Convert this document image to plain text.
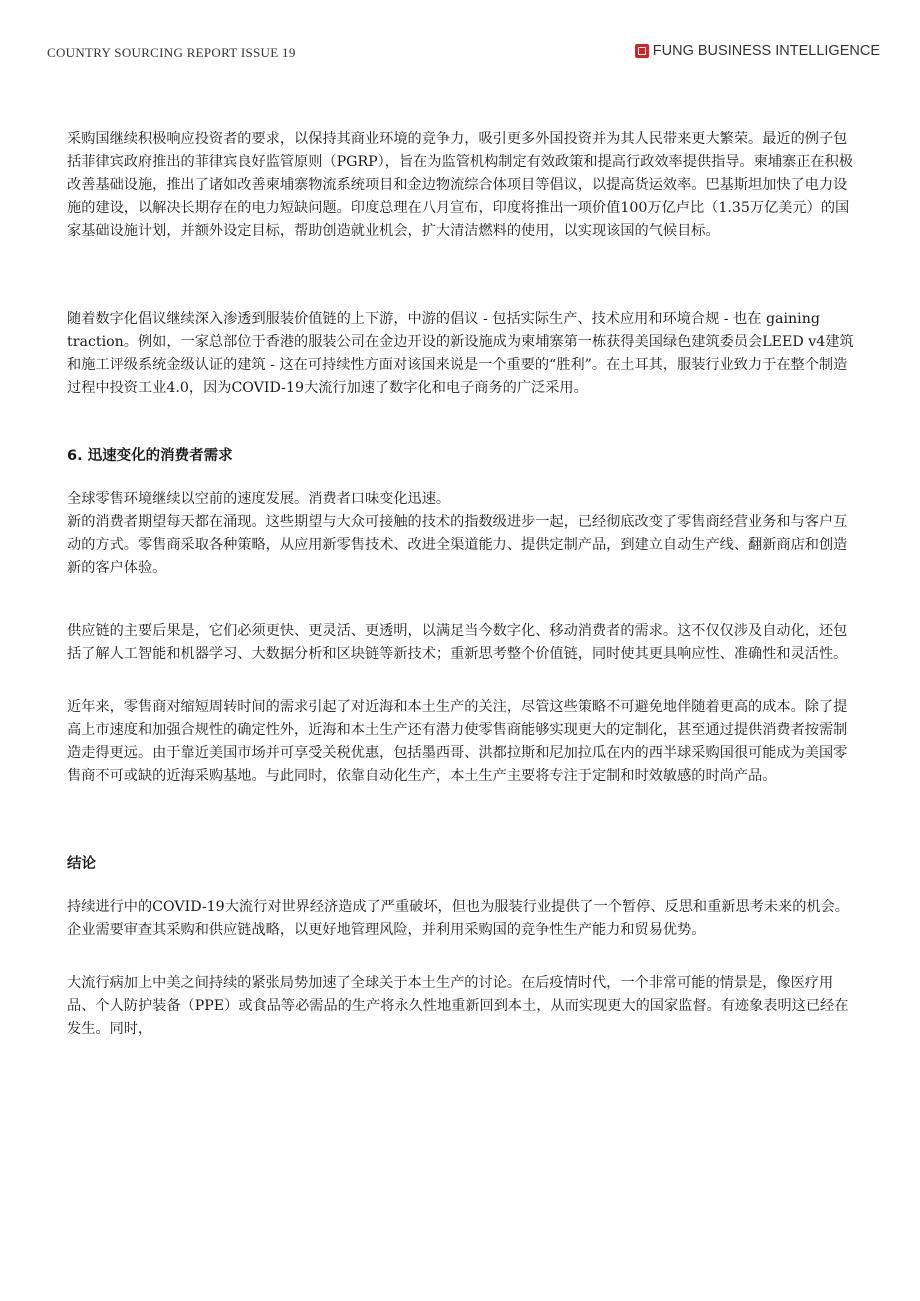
COUNTRY SOURCING REPORT ISSUE 19	FUNG BUSINESS INTELLIGENCE

采购国继续积极响应投资者的要求，以保持其商业环境的竞争力，吸引更多外国投资并为其人民带来更大繁荣。最近的例子包括菲律宾政府推出的菲律宾良好监管原则（PGRP），旨在为监管机构制定有效政策和提高行政效率提供指导。柬埔寨正在积极改善基础设施，推出了诸如改善柬埔寨物流系统项目和金边物流综合体项目等倡议，以提高货运效率。巴基斯坦加快了电力设施的建设，以解决长期存在的电力短缺问题。印度总理在八月宣布，印度将推出一项价值100万亿卢比（1.35万亿美元）的国家基础设施计划，并额外设定目标，帮助创造就业机会，扩大清洁燃料的使用，以实现该国的气候目标。

随着数字化倡议继续深入渗透到服装价值链的上下游，中游的倡议 - 包括实际生产、技术应用和环境合规 - 也在 gaining traction。例如，一家总部位于香港的服装公司在金边开设的新设施成为柬埔寨第一栋获得美国绿色建筑委员会LEED v4建筑和施工评级系统金级认证的建筑 - 这在可持续性方面对该国来说是一个重要的“胜利”。在土耳其，服装行业致力于在整个制造过程中投资工业4.0，因为COVID-19大流行加速了数字化和电子商务的广泛采用。

6. 迅速变化的消费者需求

全球零售环境继续以空前的速度发展。消费者口味变化迅速。

新的消费者期望每天都在涌现。这些期望与大众可接触的技术的指数级进步一起，已经彻底改变了零售商经营业务和与客户互动的方式。零售商采取各种策略，从应用新零售技术、改进全渠道能力、提供定制产品，到建立自动生产线、翻新商店和创造新的客户体验。

供应链的主要后果是，它们必须更快、更灵活、更透明，以满足当今数字化、移动消费者的需求。这不仅仅涉及自动化，还包括了解人工智能和机器学习、大数据分析和区块链等新技术；重新思考整个价值链，同时使其更具响应性、准确性和灵活性。

近年来，零售商对缩短周转时间的需求引起了对近海和本土生产的关注，尽管这些策略不可避免地伴随着更高的成本。除了提高上市速度和加强合规性的确定性外，近海和本土生产还有潜力使零售商能够实现更大的定制化，甚至通过提供消费者按需制造走得更远。由于靠近美国市场并可享受关税优惠，包括墨西哥、洪都拉斯和尼加拉瓜在内的西半球采购国很可能成为美国零售商不可或缺的近海采购基地。与此同时，依靠自动化生产，本土生产主要将专注于定制和时效敏感的时尚产品。

结论

持续进行中的COVID-19大流行对世界经济造成了严重破坏，但也为服装行业提供了一个暂停、反思和重新思考未来的机会。企业需要审查其采购和供应链战略，以更好地管理风险，并利用采购国的竞争性生产能力和贸易优势。

大流行病加上中美之间持续的紧张局势加速了全球关于本土生产的讨论。在后疫情时代，一个非常可能的情景是，像医疗用品、个人防护装备（PPE）或食品等必需品的生产将永久性地重新回到本土，从而实现更大的国家监督。有迹象表明这已经在发生。同时，
